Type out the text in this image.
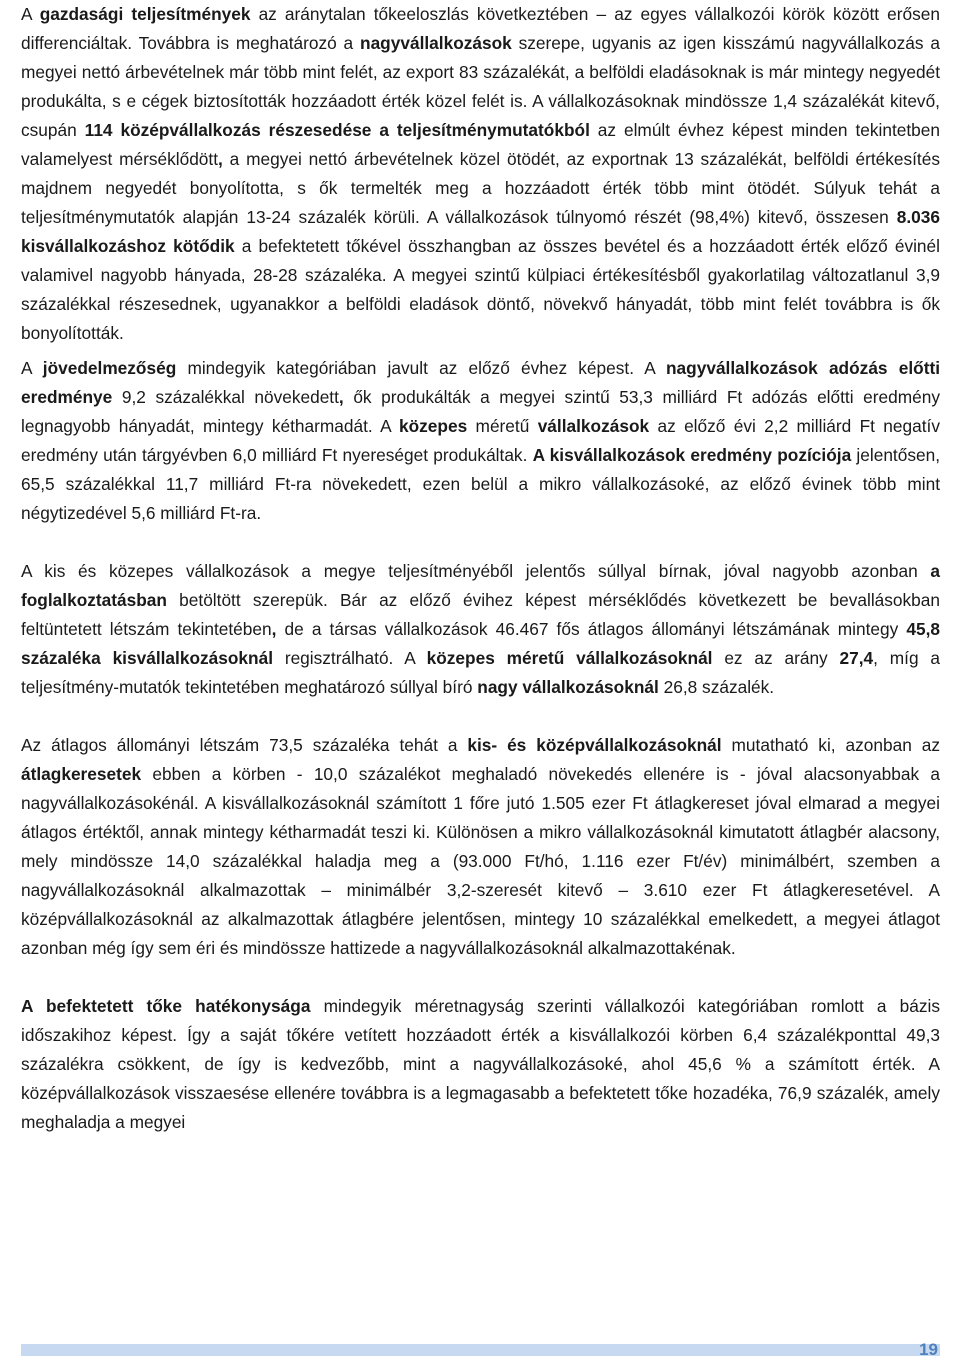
A gazdasági teljesítmények az aránytalan tőkeeloszlás következtében – az egyes vállalkozói körök között erősen differenciáltak. Továbbra is meghatározó a nagyvállalkozások szerepe, ugyanis az igen kisszámú nagyvállalkozás a megyei nettó árbevételnek már több mint felét, az export 83 százalékát, a belföldi eladásoknak is már mintegy negyedét produkálta, s e cégek biztosították hozzáadott érték közel felét is. A vállalkozásoknak mindössze 1,4 százalékát kitevő, csupán 114 középvállalkozás részesedése a teljesítménymutatókból az elmúlt évhez képest minden tekintetben valamelyest mérséklődött, a megyei nettó árbevételnek közel ötödét, az exportnak 13 százalékát, belföldi értékesítés majdnem negyedét bonyolította, s ők termelték meg a hozzáadott érték több mint ötödét. Súlyuk tehát a teljesítménymutatók alapján 13-24 százalék körüli. A vállalkozások túlnyomó részét (98,4%) kitevő, összesen 8.036 kisvállalkozáshoz kötődik a befektetett tőkével összhangban az összes bevétel és a hozzáadott érték előző évinél valamivel nagyobb hányada, 28-28 százaléka. A megyei szintű külpiaci értékesítésből gyakorlatilag változatlanul 3,9 százalékkal részesednek, ugyanakkor a belföldi eladások döntő, növekvő hányadát, több mint felét továbbra is ők bonyolították.

A jövedelmezőség mindegyik kategóriában javult az előző évhez képest. A nagyvállalkozások adózás előtti eredménye 9,2 százalékkal növekedett, ők produkálták a megyei szintű 53,3 milliárd Ft adózás előtti eredmény legnagyobb hányadát, mintegy kétharmadát. A közepes méretű vállalkozások az előző évi 2,2 milliárd Ft negatív eredmény után tárgyévben 6,0 milliárd Ft nyereséget produkáltak. A kisvállalkozások eredmény pozíciója jelentősen, 65,5 százalékkal 11,7 milliárd Ft-ra növekedett, ezen belül a mikro vállalkozásoké, az előző évinek több mint négytizedével 5,6 milliárd Ft-ra.

A kis és közepes vállalkozások a megye teljesítményéből jelentős súllyal bírnak, jóval nagyobb azonban a foglalkoztatásban betöltött szerepük. Bár az előző évihez képest mérséklődés következett be bevallásokban feltüntetett létszám tekintetében, de a társas vállalkozások 46.467 fős átlagos állományi létszámának mintegy 45,8 százaléka kisvállalkozásoknál regisztrálható. A közepes méretű vállalkozásoknál ez az arány 27,4, míg a teljesítmény-mutatók tekintetében meghatározó súllyal bíró nagy vállalkozásoknál 26,8 százalék.

Az átlagos állományi létszám 73,5 százaléka tehát a kis- és középvállalkozásoknál mutatható ki, azonban az átlagkeresetek ebben a körben - 10,0 százalékot meghaladó növekedés ellenére is - jóval alacsonyabbak a nagyvállalkozásokénál. A kisvállalkozásoknál számított 1 főre jutó 1.505 ezer Ft átlagkereset jóval elmarad a megyei átlagos értéktől, annak mintegy kétharmadát teszi ki. Különösen a mikro vállalkozásoknál kimutatott átlagbér alacsony, mely mindössze 14,0 százalékkal haladja meg a (93.000 Ft/hó, 1.116 ezer Ft/év) minimálbért, szemben a nagyvállalkozásoknál alkalmazottak – minimálbér 3,2-szeresét kitevő – 3.610 ezer Ft átlagkeresetével. A középvállalkozásoknál az alkalmazottak átlagbére jelentősen, mintegy 10 százalékkal emelkedett, a megyei átlagot azonban még így sem éri és mindössze hattizede a nagyvállalkozásoknál alkalmazottakénak.

A befektetett tőke hatékonysága mindegyik méretnagyság szerinti vállalkozói kategóriában romlott a bázis időszakihoz képest. Így a saját tőkére vetített hozzáadott érték a kisvállalkozói körben 6,4 százalékponttal 49,3 százalékra csökkent, de így is kedvezőbb, mint a nagyvállalkozásoké, ahol 45,6 % a számított érték. A középvállalkozások visszaesése ellenére továbbra is a legmagasabb a befektetett tőke hozadéka, 76,9 százalék, amely meghaladja a megyei

19
